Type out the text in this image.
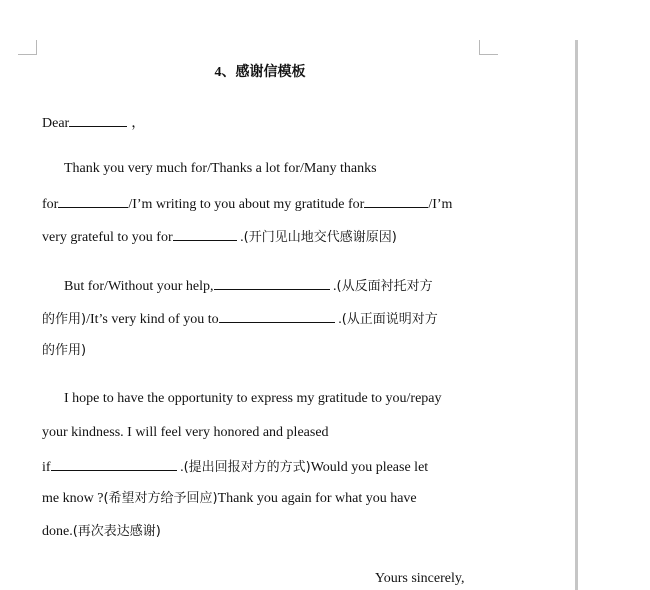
4、感谢信模板
Dear	，
Thank you very much for/Thanks a lot for/Many thanks
for	/I’m writing to you about my gratitude for	/I’m
very grateful to you for	.(开门见山地交代感谢原因)
But for/Without your help,	.(从反面衬托对方
的作用)/It’s very kind of you to	.(从正面说明对方
的作用)
I hope to have the opportunity to express my gratitude to you/repay
your kindness. I will feel very honored and pleased
if	.(提出回报对方的方式)Would you please let
me know ?(希望对方给予回应)Thank you again for what you have
done.(再次表达感谢)
Yours sincerely,
